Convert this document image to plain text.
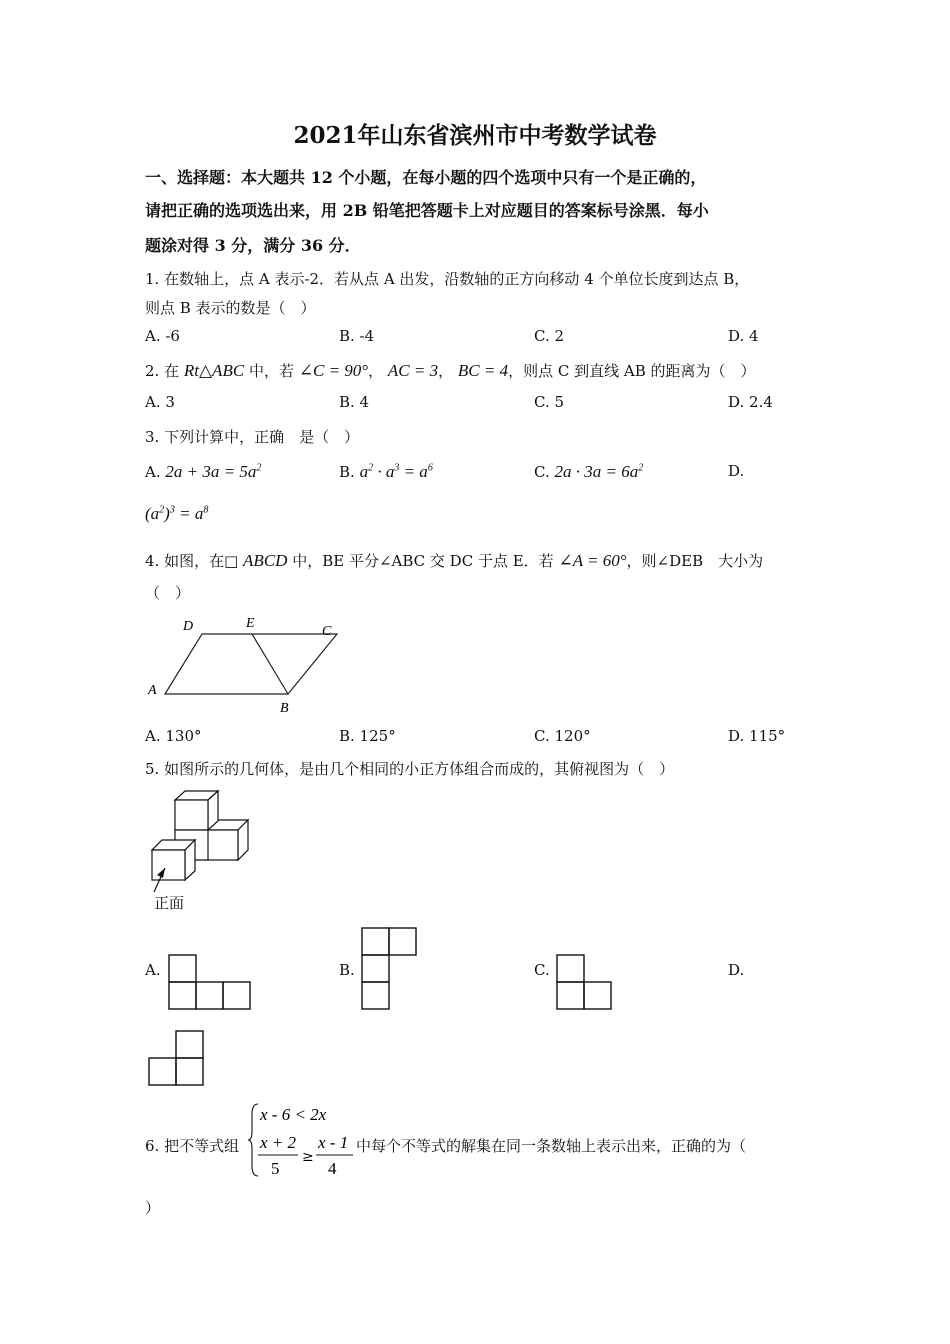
2021年山东省滨州市中考数学试卷
一、选择题：本大题共 12 个小题，在每小题的四个选项中只有一个是正确的，
请把正确的选项选出来，用 2B 铅笔把答题卡上对应题目的答案标号涂黑．每小
题涂对得 3 分，满分 36 分．
1. 在数轴上，点 A 表示-2．若从点 A 出发，沿数轴的正方向移动 4 个单位长度到达点 B，
则点 B 表示的数是（　）
A. -6	B. -4	C. 2	D. 4
2. 在 Rt△ABC 中，若 ∠C = 90°， AC = 3， BC = 4，则点 C 到直线 AB 的距离为（　）
A. 3	B. 4	C. 5	D. 2.4
3. 下列计算中，正确　是（　）
A. $2a + 3a = 5a^2$	B. $a^2 \cdot a^3 = a^6$	C. $2a \cdot 3a = 6a^2$	D.
$(a^2)^3 = a^8$
4. 如图，在□ ABCD 中，BE 平分∠ABC 交 DC 于点 E．若 ∠A = 60°，则∠DEB　大小为
（　）
D	E
C
A
B
A. 130°	B. 125°	C. 120°	D. 115°
5. 如图所示的几何体，是由几个相同的小正方体组合而成的，其俯视图为（　）
正面
A.	B.	C.	D.
6. 把不等式组
x - 6 < 2x
x + 2
5
≥
x - 1
4
中每个不等式的解集在同一条数轴上表示出来，正确的为（
）
